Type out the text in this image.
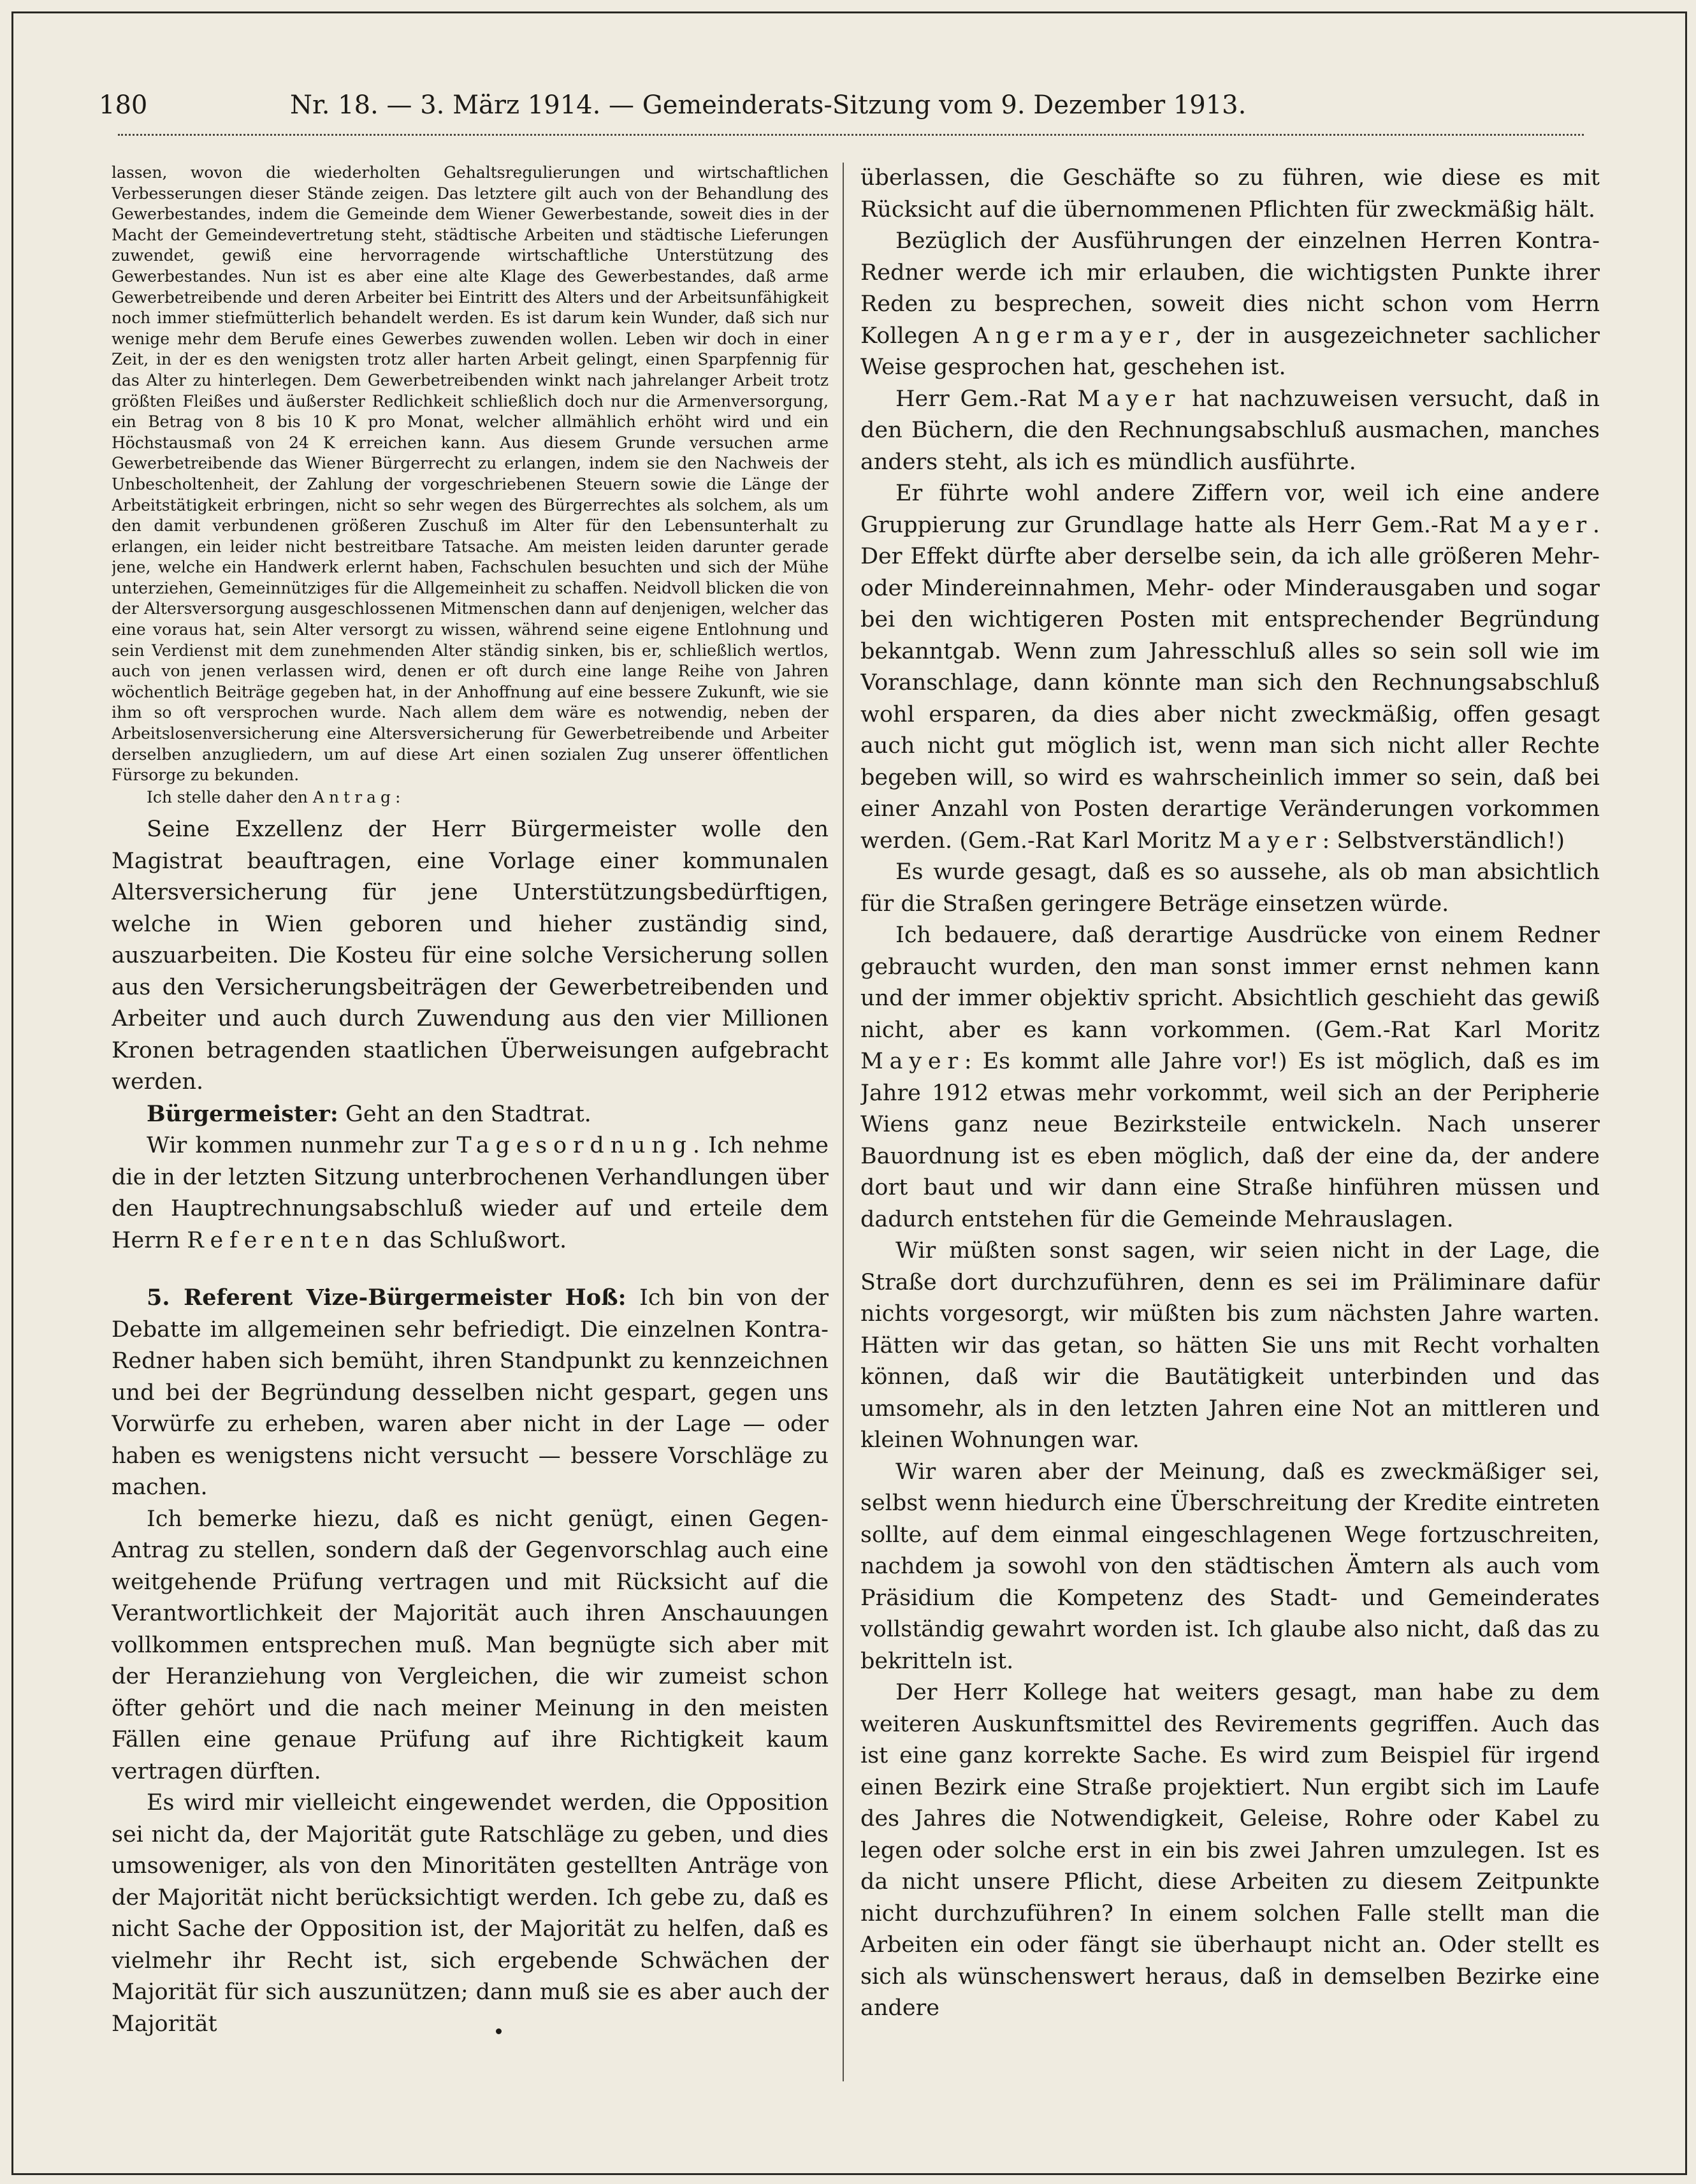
180	Nr. 18. — 3. März 1914. — Gemeinderats-Sitzung vom 9. Dezember 1913.

lassen, wovon die wiederholten Gehaltsregulierungen und wirtschaftlichen Verbesserungen dieser Stände zeigen. Das letztere gilt auch von der Behandlung des Gewerbestandes, indem die Gemeinde dem Wiener Gewerbestande, soweit dies in der Macht der Gemeindevertretung steht, städtische Arbeiten und städtische Lieferungen zuwendet, gewiß eine hervorragende wirtschaftliche Unterstützung des Gewerbestandes. Nun ist es aber eine alte Klage des Gewerbestandes, daß arme Gewerbetreibende und deren Arbeiter bei Eintritt des Alters und der Arbeitsunfähigkeit noch immer stiefmütterlich behandelt werden. Es ist darum kein Wunder, daß sich nur wenige mehr dem Berufe eines Gewerbes zuwenden wollen. Leben wir doch in einer Zeit, in der es den wenigsten trotz aller harten Arbeit gelingt, einen Sparpfennig für das Alter zu hinterlegen. Dem Gewerbetreibenden winkt nach jahrelanger Arbeit trotz größten Fleißes und äußerster Redlichkeit schließlich doch nur die Armenversorgung, ein Betrag von 8 bis 10 K pro Monat, welcher allmählich erhöht wird und ein Höchstausmaß von 24 K erreichen kann. Aus diesem Grunde versuchen arme Gewerbetreibende das Wiener Bürgerrecht zu erlangen, indem sie den Nachweis der Unbescholtenheit, der Zahlung der vorgeschriebenen Steuern sowie die Länge der Arbeitstätigkeit erbringen, nicht so sehr wegen des Bürgerrechtes als solchem, als um den damit verbundenen größeren Zuschuß im Alter für den Lebensunterhalt zu erlangen, ein leider nicht bestreitbare Tatsache. Am meisten leiden darunter gerade jene, welche ein Handwerk erlernt haben, Fachschulen besuchten und sich der Mühe unterziehen, Gemeinnütziges für die Allgemeinheit zu schaffen. Neidvoll blicken die von der Altersversorgung ausgeschlossenen Mitmenschen dann auf denjenigen, welcher das eine voraus hat, sein Alter versorgt zu wissen, während seine eigene Entlohnung und sein Verdienst mit dem zunehmenden Alter ständig sinken, bis er, schließlich wertlos, auch von jenen verlassen wird, denen er oft durch eine lange Reihe von Jahren wöchentlich Beiträge gegeben hat, in der Anhoffnung auf eine bessere Zukunft, wie sie ihm so oft versprochen wurde. Nach allem dem wäre es notwendig, neben der Arbeitslosenversicherung eine Altersversicherung für Gewerbetreibende und Arbeiter derselben anzugliedern, um auf diese Art einen sozialen Zug unserer öffentlichen Fürsorge zu bekunden.

Ich stelle daher den Antrag:

Seine Exzellenz der Herr Bürgermeister wolle den Magistrat beauftragen, eine Vorlage einer kommunalen Altersversicherung für jene Unterstützungsbedürftigen, welche in Wien geboren und hieher zuständig sind, auszuarbeiten. Die Kosteu für eine solche Versicherung sollen aus den Versicherungsbeiträgen der Gewerbetreibenden und Arbeiter und auch durch Zuwendung aus den vier Millionen Kronen betragenden staatlichen Überweisungen aufgebracht werden.

Bürgermeister: Geht an den Stadtrat.

Wir kommen nunmehr zur Tagesordnung. Ich nehme die in der letzten Sitzung unterbrochenen Verhandlungen über den Hauptrechnungsabschluß wieder auf und erteile dem Herrn Referenten das Schlußwort.

5. Referent Vize-Bürgermeister Hoß: Ich bin von der Debatte im allgemeinen sehr befriedigt. Die einzelnen Kontra-Redner haben sich bemüht, ihren Standpunkt zu kennzeichnen und bei der Begründung desselben nicht gespart, gegen uns Vorwürfe zu erheben, waren aber nicht in der Lage — oder haben es wenigstens nicht versucht — bessere Vorschläge zu machen.

Ich bemerke hiezu, daß es nicht genügt, einen Gegen-Antrag zu stellen, sondern daß der Gegenvorschlag auch eine weitgehende Prüfung vertragen und mit Rücksicht auf die Verantwortlichkeit der Majorität auch ihren Anschauungen vollkommen entsprechen muß. Man begnügte sich aber mit der Heranziehung von Vergleichen, die wir zumeist schon öfter gehört und die nach meiner Meinung in den meisten Fällen eine genaue Prüfung auf ihre Richtigkeit kaum vertragen dürften.

Es wird mir vielleicht eingewendet werden, die Opposition sei nicht da, der Majorität gute Ratschläge zu geben, und dies umsoweniger, als von den Minoritäten gestellten Anträge von der Majorität nicht berücksichtigt werden. Ich gebe zu, daß es nicht Sache der Opposition ist, der Majorität zu helfen, daß es vielmehr ihr Recht ist, sich ergebende Schwächen der Majorität für sich auszunützen; dann muß sie es aber auch der Majorität

überlassen, die Geschäfte so zu führen, wie diese es mit Rücksicht auf die übernommenen Pflichten für zweckmäßig hält.

Bezüglich der Ausführungen der einzelnen Herren Kontra-Redner werde ich mir erlauben, die wichtigsten Punkte ihrer Reden zu besprechen, soweit dies nicht schon vom Herrn Kollegen Angermayer, der in ausgezeichneter sachlicher Weise gesprochen hat, geschehen ist.

Herr Gem.-Rat Mayer hat nachzuweisen versucht, daß in den Büchern, die den Rechnungsabschluß ausmachen, manches anders steht, als ich es mündlich ausführte.

Er führte wohl andere Ziffern vor, weil ich eine andere Gruppierung zur Grundlage hatte als Herr Gem.-Rat Mayer. Der Effekt dürfte aber derselbe sein, da ich alle größeren Mehr- oder Mindereinnahmen, Mehr- oder Minderausgaben und sogar bei den wichtigeren Posten mit entsprechender Begründung bekanntgab. Wenn zum Jahresschluß alles so sein soll wie im Voranschlage, dann könnte man sich den Rechnungsabschluß wohl ersparen, da dies aber nicht zweckmäßig, offen gesagt auch nicht gut möglich ist, wenn man sich nicht aller Rechte begeben will, so wird es wahrscheinlich immer so sein, daß bei einer Anzahl von Posten derartige Veränderungen vorkommen werden. (Gem.-Rat Karl Moritz Mayer: Selbstverständlich!)

Es wurde gesagt, daß es so aussehe, als ob man absichtlich für die Straßen geringere Beträge einsetzen würde.

Ich bedauere, daß derartige Ausdrücke von einem Redner gebraucht wurden, den man sonst immer ernst nehmen kann und der immer objektiv spricht. Absichtlich geschieht das gewiß nicht, aber es kann vorkommen. (Gem.-Rat Karl Moritz Mayer: Es kommt alle Jahre vor!) Es ist möglich, daß es im Jahre 1912 etwas mehr vorkommt, weil sich an der Peripherie Wiens ganz neue Bezirksteile entwickeln. Nach unserer Bauordnung ist es eben möglich, daß der eine da, der andere dort baut und wir dann eine Straße hinführen müssen und dadurch entstehen für die Gemeinde Mehrauslagen.

Wir müßten sonst sagen, wir seien nicht in der Lage, die Straße dort durchzuführen, denn es sei im Präliminare dafür nichts vorgesorgt, wir müßten bis zum nächsten Jahre warten. Hätten wir das getan, so hätten Sie uns mit Recht vorhalten können, daß wir die Bautätigkeit unterbinden und das umsomehr, als in den letzten Jahren eine Not an mittleren und kleinen Wohnungen war.

Wir waren aber der Meinung, daß es zweckmäßiger sei, selbst wenn hiedurch eine Überschreitung der Kredite eintreten sollte, auf dem einmal eingeschlagenen Wege fortzuschreiten, nachdem ja sowohl von den städtischen Ämtern als auch vom Präsidium die Kompetenz des Stadt- und Gemeinderates vollständig gewahrt worden ist. Ich glaube also nicht, daß das zu bekritteln ist.

Der Herr Kollege hat weiters gesagt, man habe zu dem weiteren Auskunftsmittel des Revirements gegriffen. Auch das ist eine ganz korrekte Sache. Es wird zum Beispiel für irgend einen Bezirk eine Straße projektiert. Nun ergibt sich im Laufe des Jahres die Notwendigkeit, Geleise, Rohre oder Kabel zu legen oder solche erst in ein bis zwei Jahren umzulegen. Ist es da nicht unsere Pflicht, diese Arbeiten zu diesem Zeitpunkte nicht durchzuführen? In einem solchen Falle stellt man die Arbeiten ein oder fängt sie überhaupt nicht an. Oder stellt es sich als wünschenswert heraus, daß in demselben Bezirke eine andere
